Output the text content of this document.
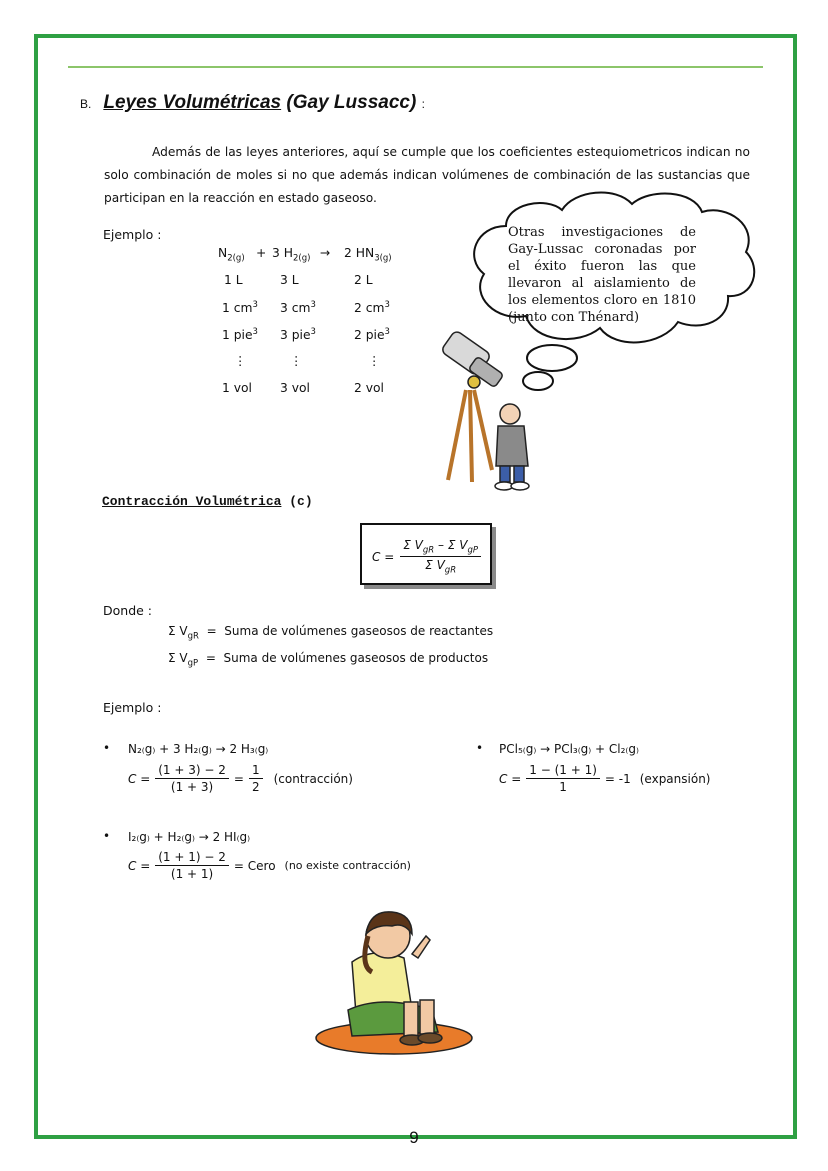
B. Leyes Volumétricas (Gay Lussacc) :
Además de las leyes anteriores, aquí se cumple que los coeficientes estequiometricos indican no solo combinación de moles si no que además indican volúmenes de combinación de las sustancias que participan en la reacción en estado gaseoso.
Ejemplo :
$N_{2(g)} + 3$ $H_{2(g)} \to 2$ $HN_{3(g)}$
1 L	3 L	2 L
1 $cm^3$ 3 $cm^3$	2 $cm^3$
1 pie$^3$ 3 pie$^3$	2 pie$^3$
⋮	⋮	⋮
1 vol 3 vol	2 vol
Otras investigaciones de Gay-Lussac coronadas por el éxito fueron las que llevaron al aislamiento de los elementos cloro en 1810 (junto con Thénard)
Contracción Volumétrica (c)
$C = \frac{\Sigma V_{gR} - \Sigma V_{gP}}{\Sigma V_{gR}}$
Donde :
Σ $V_{gR}$ = Suma de volúmenes gaseosos de reactantes
Σ $V_{gP}$ = Suma de volúmenes gaseosos de productos
Ejemplo :
• N₂₍g₎ + 3 H₂₍g₎ → 2 H₃₍g₎
$C = \frac{(1 + 3) - 2}{(1 + 3)} = \frac{1}{2}$ (contracción)
• PCl₅₍g₎ → PCl₃₍g₎ + Cl₂₍g₎
$C = \frac{1 - (1 + 1)}{1} = -1$ (expansión)
• I₂₍g₎ + H₂₍g₎ → 2 HI₍g₎
$C = \frac{(1 + 1) - 2}{(1 + 1)}$ = Cero (no existe contracción)
9
